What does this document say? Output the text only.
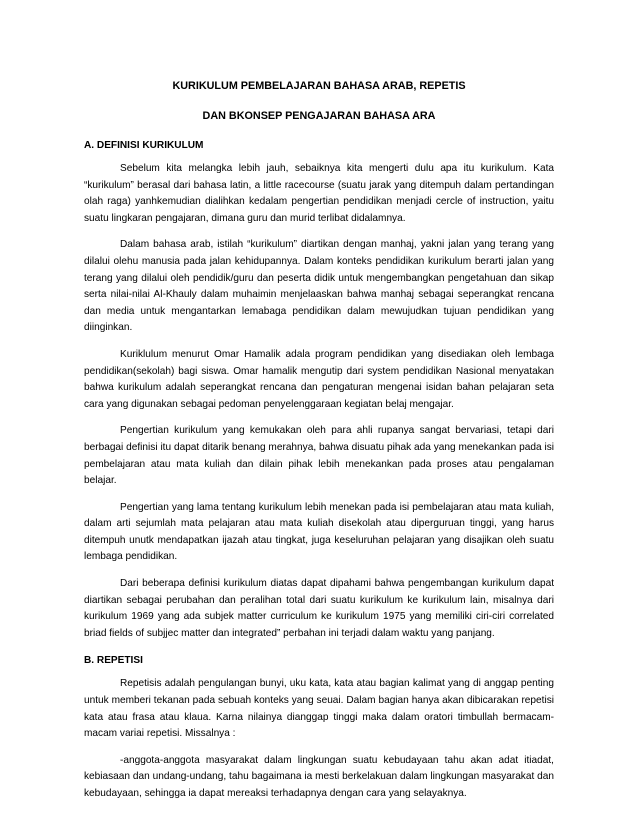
KURIKULUM PEMBELAJARAN BAHASA ARAB, REPETIS

DAN BKONSEP PENGAJARAN BAHASA ARA

A. DEFINISI KURIKULUM

Sebelum kita melangka lebih jauh, sebaiknya kita mengerti dulu apa itu kurikulum. Kata “kurikulum” berasal dari bahasa latin, a little racecourse (suatu jarak yang ditempuh dalam pertandingan olah raga) yanhkemudian dialihkan kedalam pengertian pendidikan menjadi cercle of instruction, yaitu suatu lingkaran pengajaran, dimana guru dan murid terlibat didalamnya.

Dalam bahasa arab, istilah “kurikulum” diartikan dengan manhaj, yakni jalan yang terang yang dilalui olehu manusia pada jalan kehidupannya. Dalam konteks pendidikan kurikulum berarti jalan yang terang yang dilalui oleh pendidik/guru dan peserta didik untuk mengembangkan pengetahuan dan sikap serta nilai-nilai Al-Khauly dalam muhaimin menjelaaskan bahwa manhaj sebagai seperangkat rencana dan media untuk mengantarkan lemabaga pendidikan dalam mewujudkan tujuan pendidikan yang diinginkan.

Kuriklulum menurut Omar Hamalik adala program pendidikan yang disediakan oleh lembaga pendidikan(sekolah) bagi siswa. Omar hamalik mengutip dari system pendidikan Nasional menyatakan bahwa kurikulum adalah seperangkat rencana dan pengaturan mengenai isidan bahan pelajaran seta cara yang digunakan sebagai pedoman penyelenggaraan kegiatan belaj mengajar.

Pengertian kurikulum yang kemukakan oleh para ahli rupanya sangat bervariasi, tetapi dari berbagai definisi itu dapat ditarik benang merahnya, bahwa disuatu pihak ada yang menekankan pada isi pembelajaran atau mata kuliah dan dilain pihak lebih menekankan pada proses atau pengalaman belajar.

Pengertian yang lama tentang kurikulum lebih menekan pada isi pembelajaran atau mata kuliah, dalam arti sejumlah mata pelajaran atau mata kuliah disekolah atau diperguruan tinggi, yang harus ditempuh unutk mendapatkan ijazah atau tingkat, juga keseluruhan pelajaran yang disajikan oleh suatu lembaga pendidikan.

Dari beberapa definisi kurikulum diatas dapat dipahami bahwa pengembangan kurikulum dapat diartikan sebagai perubahan dan peralihan total dari suatu kurikulum ke kurikulum lain, misalnya dari kurikulum 1969 yang ada subjek matter curriculum ke kurikulum 1975 yang memiliki ciri-ciri correlated briad fields of subjjec matter dan integrated” perbahan ini terjadi dalam waktu yang panjang.

B. REPETISI

Repetisis adalah pengulangan bunyi, uku kata, kata atau bagian kalimat yang di anggap penting untuk memberi tekanan pada sebuah konteks yang seuai. Dalam bagian hanya akan dibicarakan repetisi kata atau frasa atau klaua. Karna nilainya dianggap tinggi maka dalam oratori timbullah bermacam-macam variai repetisi. Missalnya :

-anggota-anggota masyarakat dalam lingkungan suatu kebudayaan tahu akan adat itiadat, kebiasaan dan undang-undang, tahu bagaimana ia mesti berkelakuan dalam lingkungan masyarakat dan kebudayaan, sehingga ia dapat mereaksi terhadapnya dengan cara yang selayaknya.
